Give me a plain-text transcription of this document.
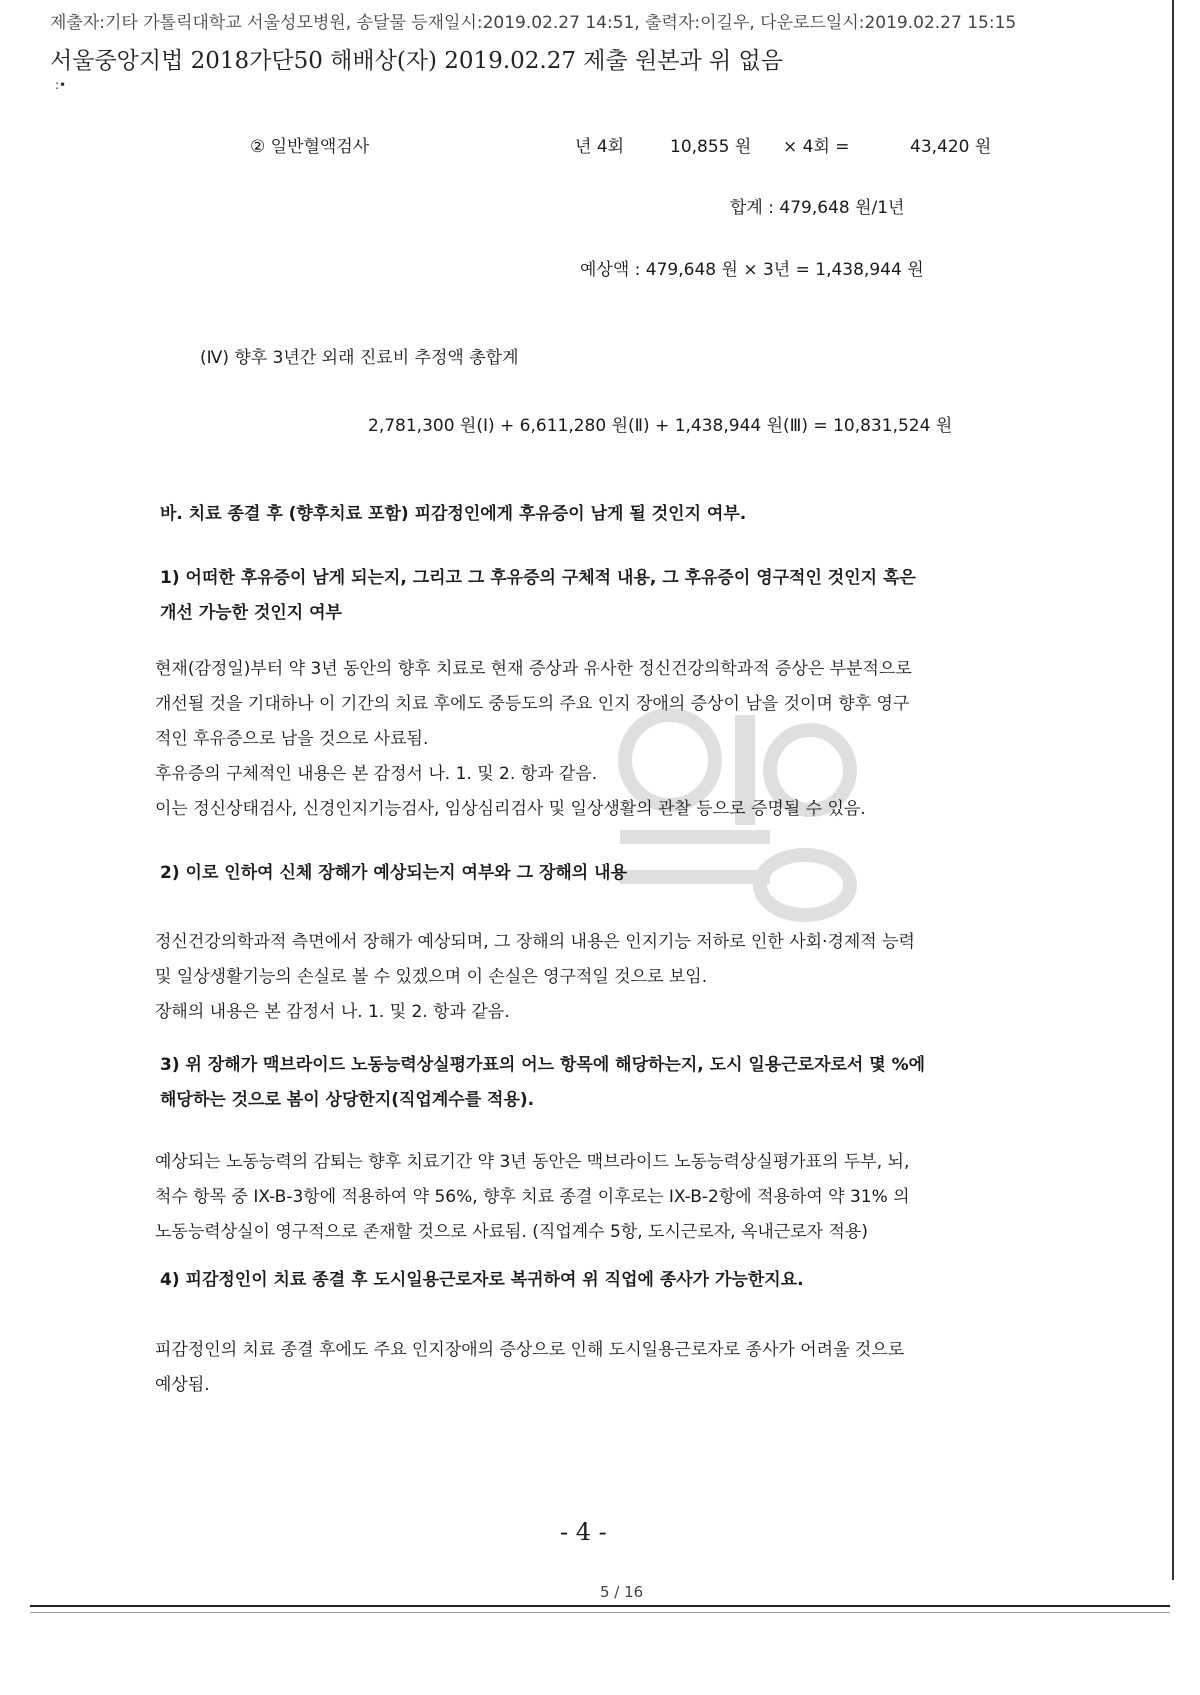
제출자:기타 가톨릭대학교 서울성모병원, 송달물 등재일시:2019.02.27 14:51, 출력자:이길우, 다운로드일시:2019.02.27 15:15
서울중앙지법 2018가단50 해배상(자) 2019.02.27 제출 원본과 위 없음
:•
② 일반혈액검사	년 4회	10,855 원 × 4회 =	43,420 원
합계 : 479,648 원/1년
예상액 : 479,648 원 × 3년 = 1,438,944 원
(Ⅳ) 향후 3년간 외래 진료비 추정액 총합계
2,781,300 원(Ⅰ) + 6,611,280 원(Ⅱ) + 1,438,944 원(Ⅲ) = 10,831,524 원
바. 치료 종결 후 (향후치료 포함) 피감정인에게 후유증이 남게 될 것인지 여부.

1) 어떠한 후유증이 남게 되는지, 그리고 그 후유증의 구체적 내용, 그 후유증이 영구적인 것인지 혹은

개선 가능한 것인지 여부

현재(감정일)부터 약 3년 동안의 향후 치료로 현재 증상과 유사한 정신건강의학과적 증상은 부분적으로

개선될 것을 기대하나 이 기간의 치료 후에도 중등도의 주요 인지 장애의 증상이 남을 것이며 향후 영구

적인 후유증으로 남을 것으로 사료됨.

후유증의 구체적인 내용은 본 감정서 나. 1. 및 2. 항과 같음.

이는 정신상태검사, 신경인지기능검사, 임상심리검사 및 일상생활의 관찰 등으로 증명될 수 있음.

2) 이로 인하여 신체 장해가 예상되는지 여부와 그 장해의 내용

정신건강의학과적 측면에서 장해가 예상되며, 그 장해의 내용은 인지기능 저하로 인한 사회·경제적 능력

및 일상생활기능의 손실로 볼 수 있겠으며 이 손실은 영구적일 것으로 보임.

장해의 내용은 본 감정서 나. 1. 및 2. 항과 같음.

3) 위 장해가 맥브라이드 노동능력상실평가표의 어느 항목에 해당하는지, 도시 일용근로자로서 몇 %에

해당하는 것으로 봄이 상당한지(직업계수를 적용).

예상되는 노동능력의 감퇴는 향후 치료기간 약 3년 동안은 맥브라이드 노동능력상실평가표의 두부, 뇌,

척수 항목 중 IX-B-3항에 적용하여 약 56%, 향후 치료 종결 이후로는 IX-B-2항에 적용하여 약 31% 의

노동능력상실이 영구적으로 존재할 것으로 사료됨. (직업계수 5항, 도시근로자, 옥내근로자 적용)

4) 피감정인이 치료 종결 후 도시일용근로자로 복귀하여 위 직업에 종사가 가능한지요.

피감정인의 치료 종결 후에도 주요 인지장애의 증상으로 인해 도시일용근로자로 종사가 어려울 것으로

예상됨.

- 4 -
5 / 16
